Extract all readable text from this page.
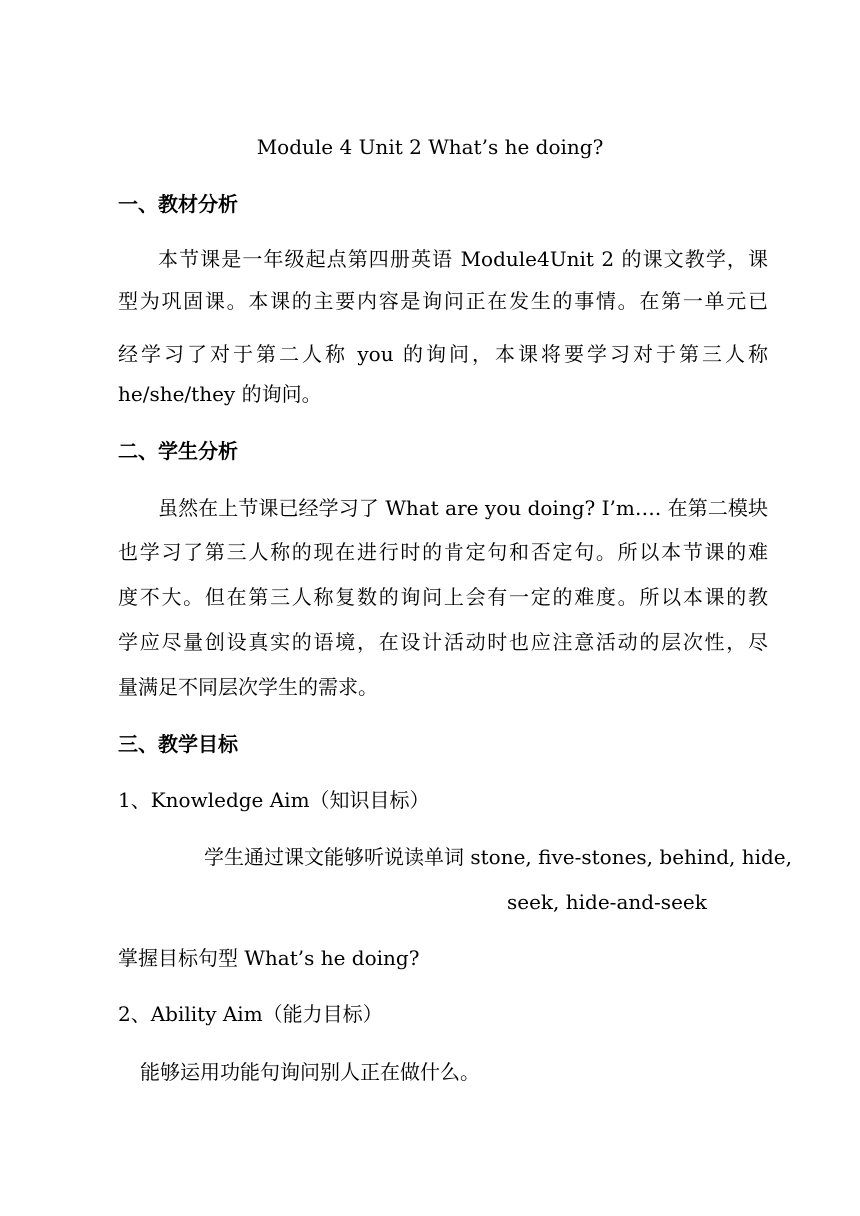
Module 4 Unit 2 What’s he doing?
一、教材分析
本节课是一年级起点第四册英语 Module4Unit 2 的课文教学，课
型为巩固课。本课的主要内容是询问正在发生的事情。在第一单元已
经学习了对于第二人称 you 的询问，本课将要学习对于第三人称
he/she/they 的询问。
二、学生分析
虽然在上节课已经学习了 What are you doing? I’m…. 在第二模块
也学习了第三人称的现在进行时的肯定句和否定句。所以本节课的难
度不大。但在第三人称复数的询问上会有一定的难度。所以本课的教
学应尽量创设真实的语境，在设计活动时也应注意活动的层次性，尽
量满足不同层次学生的需求。
三、教学目标
1、Knowledge Aim（知识目标）
学生通过课文能够听说读单词 stone, five-stones, behind, hide,
seek, hide-and-seek
掌握目标句型 What’s he doing?
2、Ability Aim（能力目标）
能够运用功能句询问别人正在做什么。
